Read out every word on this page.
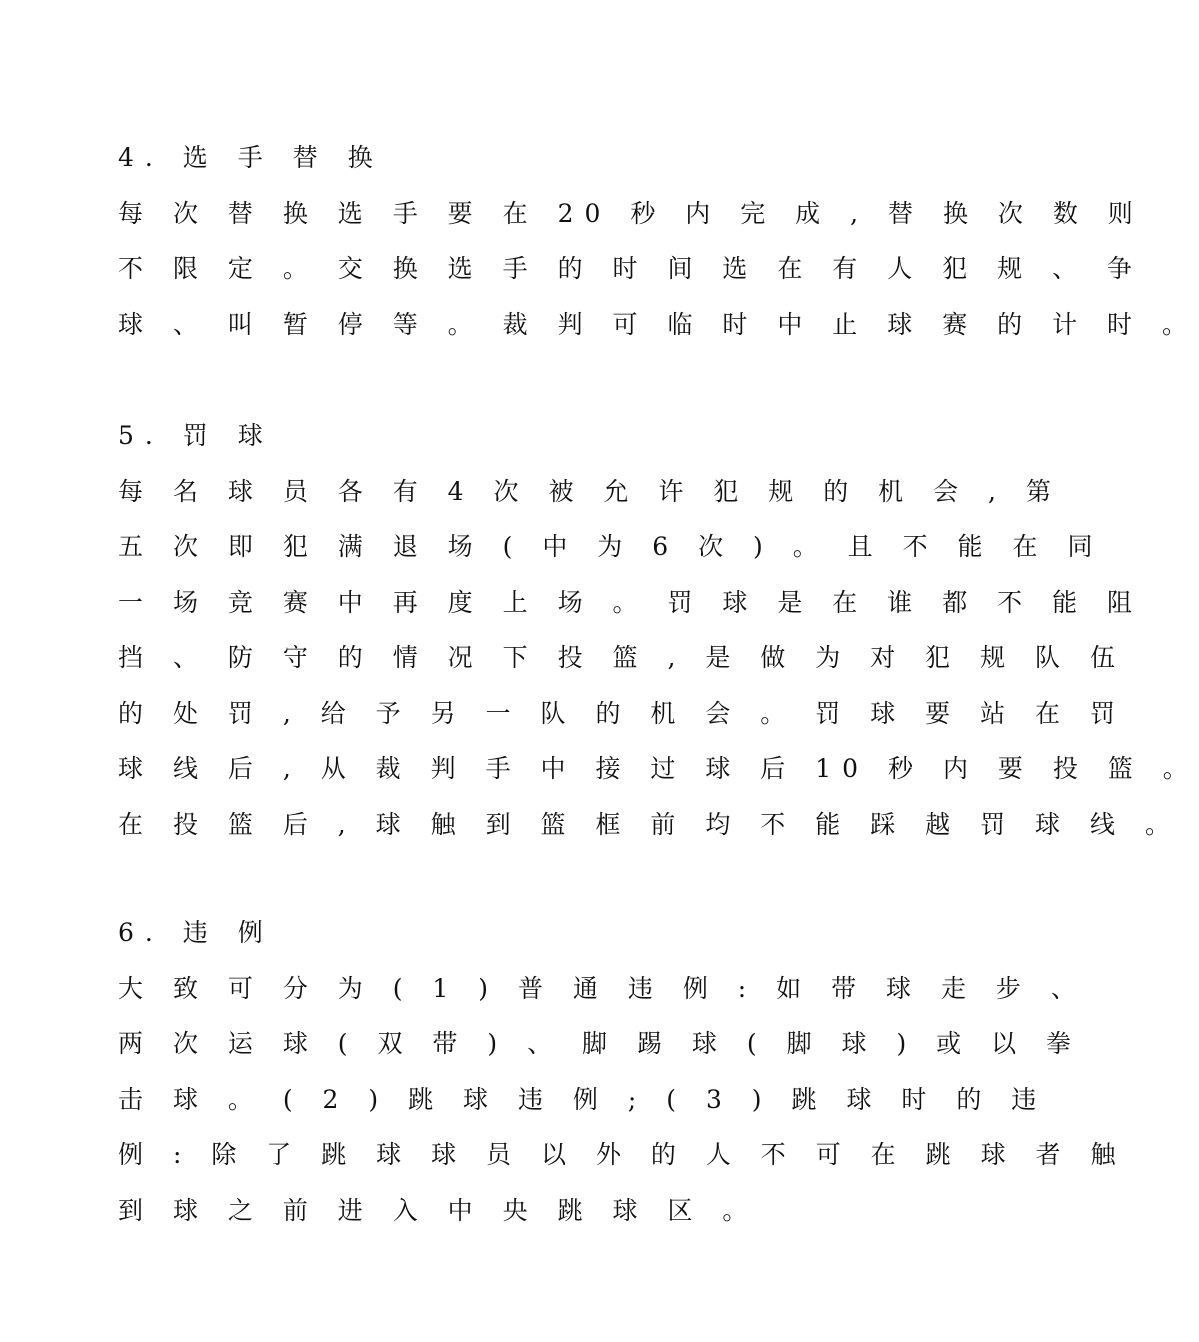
4. 选 手 替 换
每 次 替 换 选 手 要 在 20 秒 内 完 成 , 替 换 次 数 则
不 限 定 。 交 换 选 手 的 时 间 选 在 有 人 犯 规 、 争
球 、 叫 暂 停 等 。 裁 判 可 临 时 中 止 球 赛 的 计 时 。
5. 罚 球
每 名 球 员 各 有 4 次 被 允 许 犯 规 的 机 会 , 第
五 次 即 犯 满 退 场 ( 中 为 6 次 ) 。 且 不 能 在 同
一 场 竞 赛 中 再 度 上 场 。 罚 球 是 在 谁 都 不 能 阻
挡 、 防 守 的 情 况 下 投 篮 , 是 做 为 对 犯 规 队 伍
的 处 罚 , 给 予 另 一 队 的 机 会 。 罚 球 要 站 在 罚
球 线 后 , 从 裁 判 手 中 接 过 球 后 10 秒 内 要 投 篮 。
在 投 篮 后 , 球 触 到 篮 框 前 均 不 能 踩 越 罚 球 线 。
6. 违 例
大 致 可 分 为 ( 1 ) 普 通 违 例 : 如 带 球 走 步 、
两 次 运 球 ( 双 带 ) 、 脚 踢 球 ( 脚 球 ) 或 以 拳
击 球 。 ( 2 ) 跳 球 违 例 ; ( 3 ) 跳 球 时 的 违
例 : 除 了 跳 球 球 员 以 外 的 人 不 可 在 跳 球 者 触
到 球 之 前 进 入 中 央 跳 球 区 。
